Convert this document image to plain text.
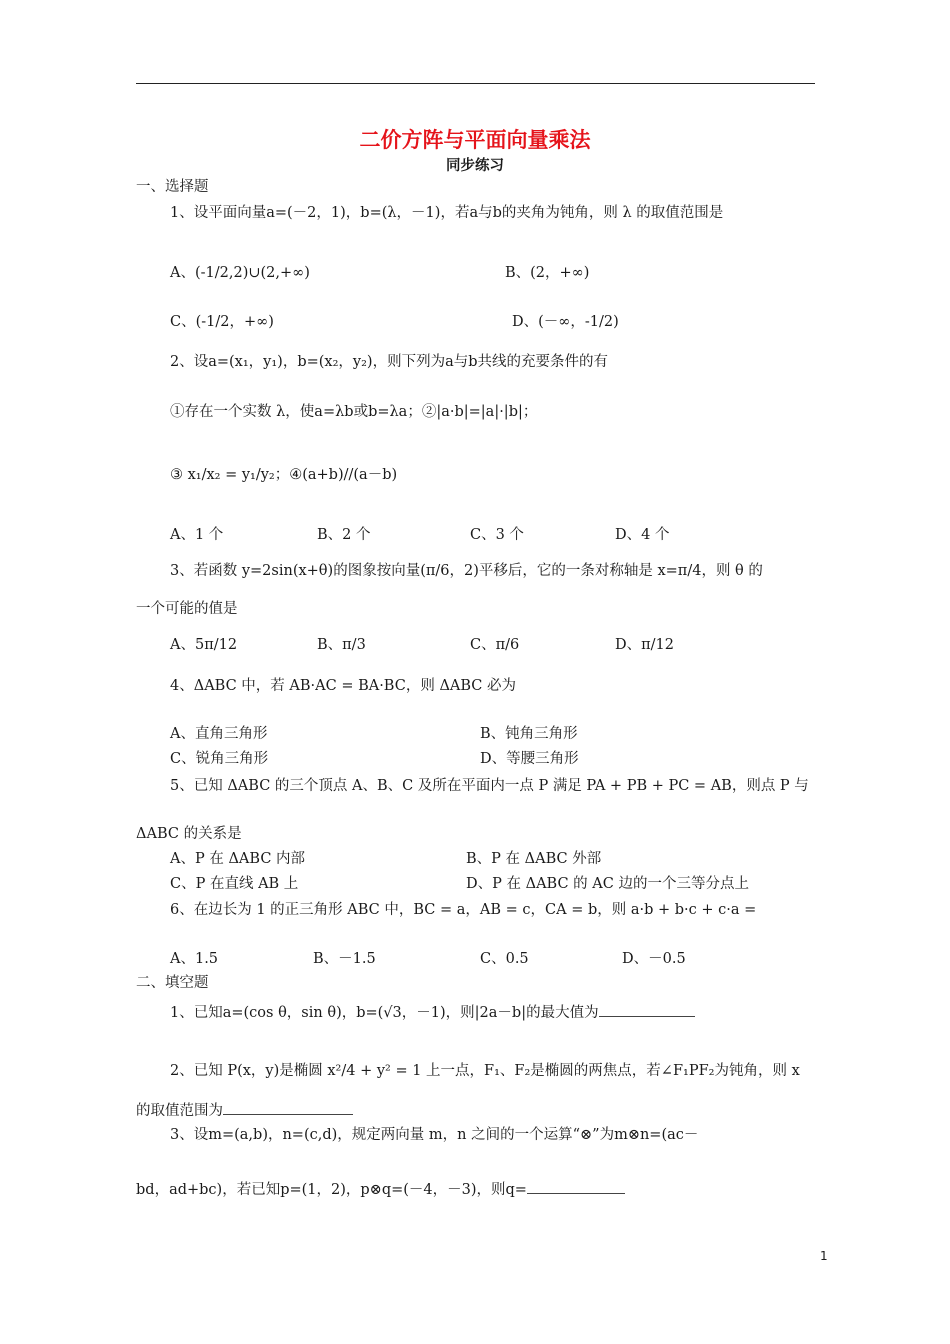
二价方阵与平面向量乘法
同步练习
一、选择题
1、设平面向量a=(－2，1)，b=(λ，－1)，若a与b的夹角为钝角，则 λ 的取值范围是
A、(-1/2,2)∪(2,+∞)	B、(2，+∞)
C、(-1/2，+∞)	D、(－∞，-1/2)
2、设a=(x₁，y₁)，b=(x₂，y₂)，则下列为a与b共线的充要条件的有
①存在一个实数 λ，使a=λb或b=λa；②|a·b|=|a|·|b|；
③ x₁/x₂ = y₁/y₂；④(a+b)//(a－b)
A、1 个	B、2 个	C、3 个	D、4 个
3、若函数 y=2sin(x+θ)的图象按向量(π/6，2)平移后，它的一条对称轴是 x=π/4，则 θ 的
一个可能的值是
A、5π/12	B、π/3	C、π/6	D、π/12
4、ΔABC 中，若 AB·AC = BA·BC，则 ΔABC 必为
A、直角三角形	B、钝角三角形
C、锐角三角形	D、等腰三角形
5、已知 ΔABC 的三个顶点 A、B、C 及所在平面内一点 P 满足 PA + PB + PC = AB，则点 P 与
ΔABC 的关系是
A、P 在 ΔABC 内部	B、P 在 ΔABC 外部
C、P 在直线 AB 上	D、P 在 ΔABC 的 AC 边的一个三等分点上
6、在边长为 1 的正三角形 ABC 中，BC = a，AB = c，CA = b，则 a·b + b·c + c·a =
A、1.5	B、－1.5	C、0.5	D、－0.5
二、填空题
1、已知a=(cos θ，sin θ)，b=(√3，－1)，则|2a－b|的最大值为
2、已知 P(x，y)是椭圆 x²/4 + y² = 1 上一点，F₁、F₂是椭圆的两焦点，若∠F₁PF₂为钝角，则 x
的取值范围为
3、设m=(a,b)，n=(c,d)，规定两向量 m，n 之间的一个运算“⊗”为m⊗n=(ac－
bd，ad+bc)，若已知p=(1，2)，p⊗q=(－4，－3)，则q=
1
